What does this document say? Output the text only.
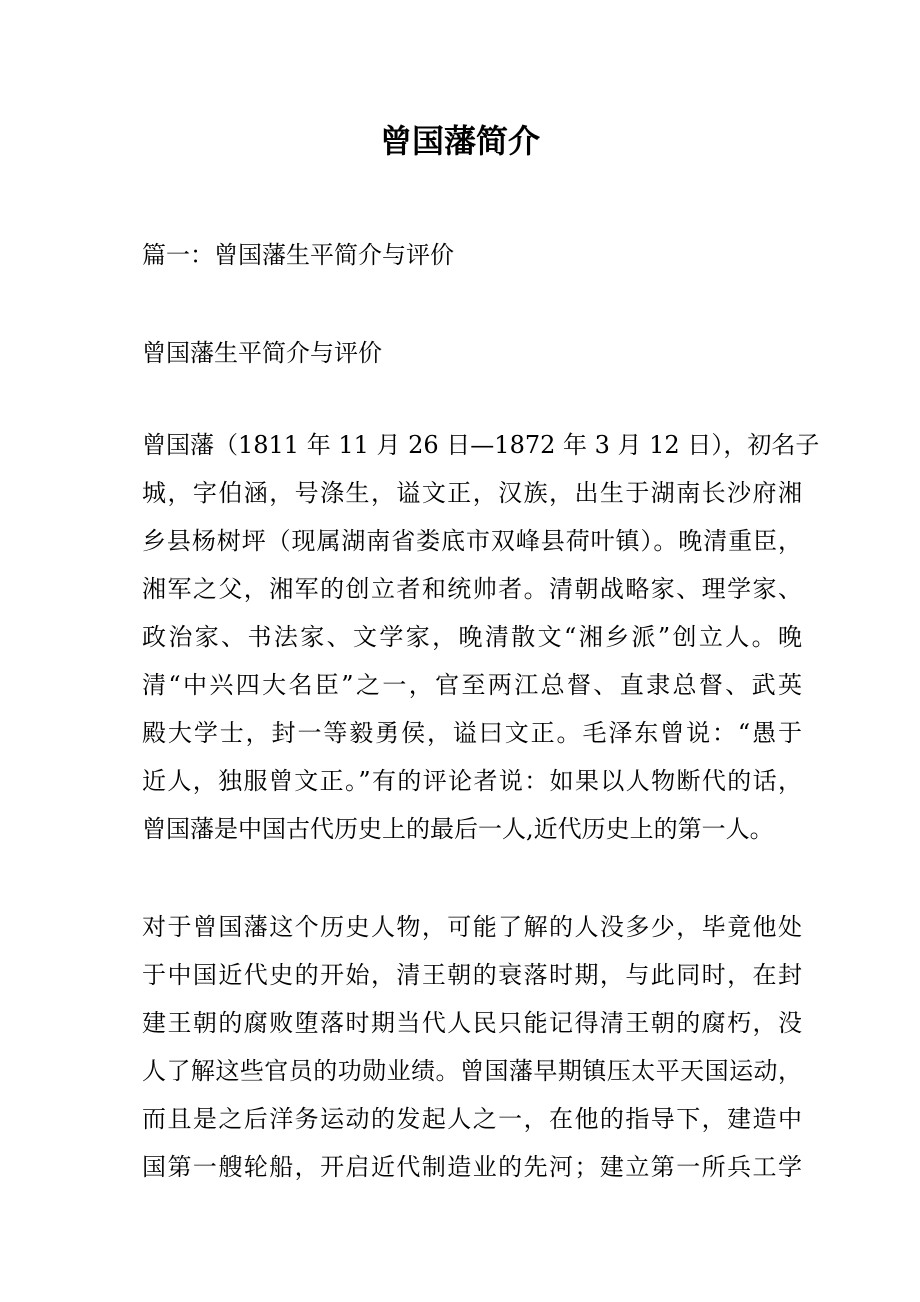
曾国藩简介

篇一：曾国藩生平简介与评价

曾国藩生平简介与评价

曾国藩（1811 年 11 月 26 日—1872 年 3 月 12 日），初名子
城，字伯涵，号涤生，谥文正，汉族，出生于湖南长沙府湘
乡县杨树坪（现属湖南省娄底市双峰县荷叶镇）。晚清重臣，
湘军之父，湘军的创立者和统帅者。清朝战略家、理学家、
政治家、书法家、文学家，晚清散文“湘乡派”创立人。晚
清“中兴四大名臣”之一，官至两江总督、直隶总督、武英
殿大学士，封一等毅勇侯，谥曰文正。毛泽东曾说：“愚于
近人，独服曾文正。”有的评论者说：如果以人物断代的话，
曾国藩是中国古代历史上的最后一人,近代历史上的第一人。
对于曾国藩这个历史人物，可能了解的人没多少，毕竟他处
于中国近代史的开始，清王朝的衰落时期，与此同时，在封
建王朝的腐败堕落时期当代人民只能记得清王朝的腐朽，没
人了解这些官员的功勋业绩。曾国藩早期镇压太平天国运动，
而且是之后洋务运动的发起人之一，在他的指导下，建造中
国第一艘轮船，开启近代制造业的先河；建立第一所兵工学
